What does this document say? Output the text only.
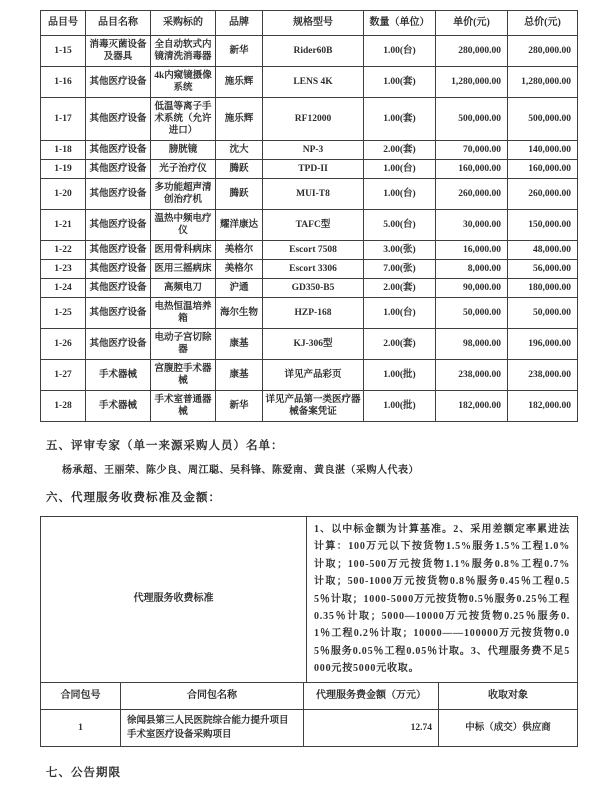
品目号	品目名称	采购标的	品牌	规格型号	数量（单位）	单价(元)	总价(元)
1-15	消毒灭菌设备及器具	全自动软式内镜清洗消毒器	新华	Rider60B	1.00(台)	280,000.00	280,000.00
1-16	其他医疗设备	4k内窥镜摄像系统	施乐辉	LENS 4K	1.00(套)	1,280,000.00	1,280,000.00
1-17	其他医疗设备	低温等离子手术系统（允许进口）	施乐辉	RF12000	1.00(套)	500,000.00	500,000.00
1-18	其他医疗设备	膀胱镜	沈大	NP-3	2.00(套)	70,000.00	140,000.00
1-19	其他医疗设备	光子治疗仪	腾跃	TPD-II	1.00(台)	160,000.00	160,000.00
1-20	其他医疗设备	多功能超声清创治疗机	腾跃	MUI-T8	1.00(台)	260,000.00	260,000.00
1-21	其他医疗设备	温热中频电疗仪	耀洋康达	TAFC型	5.00(台)	30,000.00	150,000.00
1-22	其他医疗设备	医用骨科病床	美格尔	Escort 7508	3.00(张)	16,000.00	48,000.00
1-23	其他医疗设备	医用三摇病床	美格尔	Escort 3306	7.00(张)	8,000.00	56,000.00
1-24	其他医疗设备	高频电刀	沪通	GD350-B5	2.00(套)	90,000.00	180,000.00
1-25	其他医疗设备	电热恒温培养箱	海尔生物	HZP-168	1.00(台)	50,000.00	50,000.00
1-26	其他医疗设备	电动子宫切除器	康基	KJ-306型	2.00(套)	98,000.00	196,000.00
1-27	手术器械	宫腹腔手术器械	康基	详见产品彩页	1.00(批)	238,000.00	238,000.00
1-28	手术器械	手术室普通器械	新华	详见产品第一类医疗器械备案凭证	1.00(批)	182,000.00	182,000.00
五、评审专家（单一来源采购人员）名单：
杨承超、王丽荣、陈少良、周江聪、吴科锋、陈爱南、黄良湛（采购人代表）
六、代理服务收费标准及金额：
代理服务收费标准	1、以中标金额为计算基准。2、采用差额定率累进法计算：100万元以下按货物1.5%服务1.5%工程1.0%计取；100-500万元按货物1.1%服务0.8%工程0.7%计取；500-1000万元按货物0.8％服务0.45％工程0.55％计取；1000-5000万元按货物0.5％服务0.25％工程0.35％计取；5000—10000万元按货物0.25％服务0.1％工程0.2％计取；10000——100000万元按货物0.05％服务0.05％工程0.05％计取。3、代理服务费不足5000元按5000元收取。
合同包号	合同包名称	代理服务费金额（万元）	收取对象
1	徐闻县第三人民医院综合能力提升项目手术室医疗设备采购项目	12.74	中标（成交）供应商
七、公告期限
